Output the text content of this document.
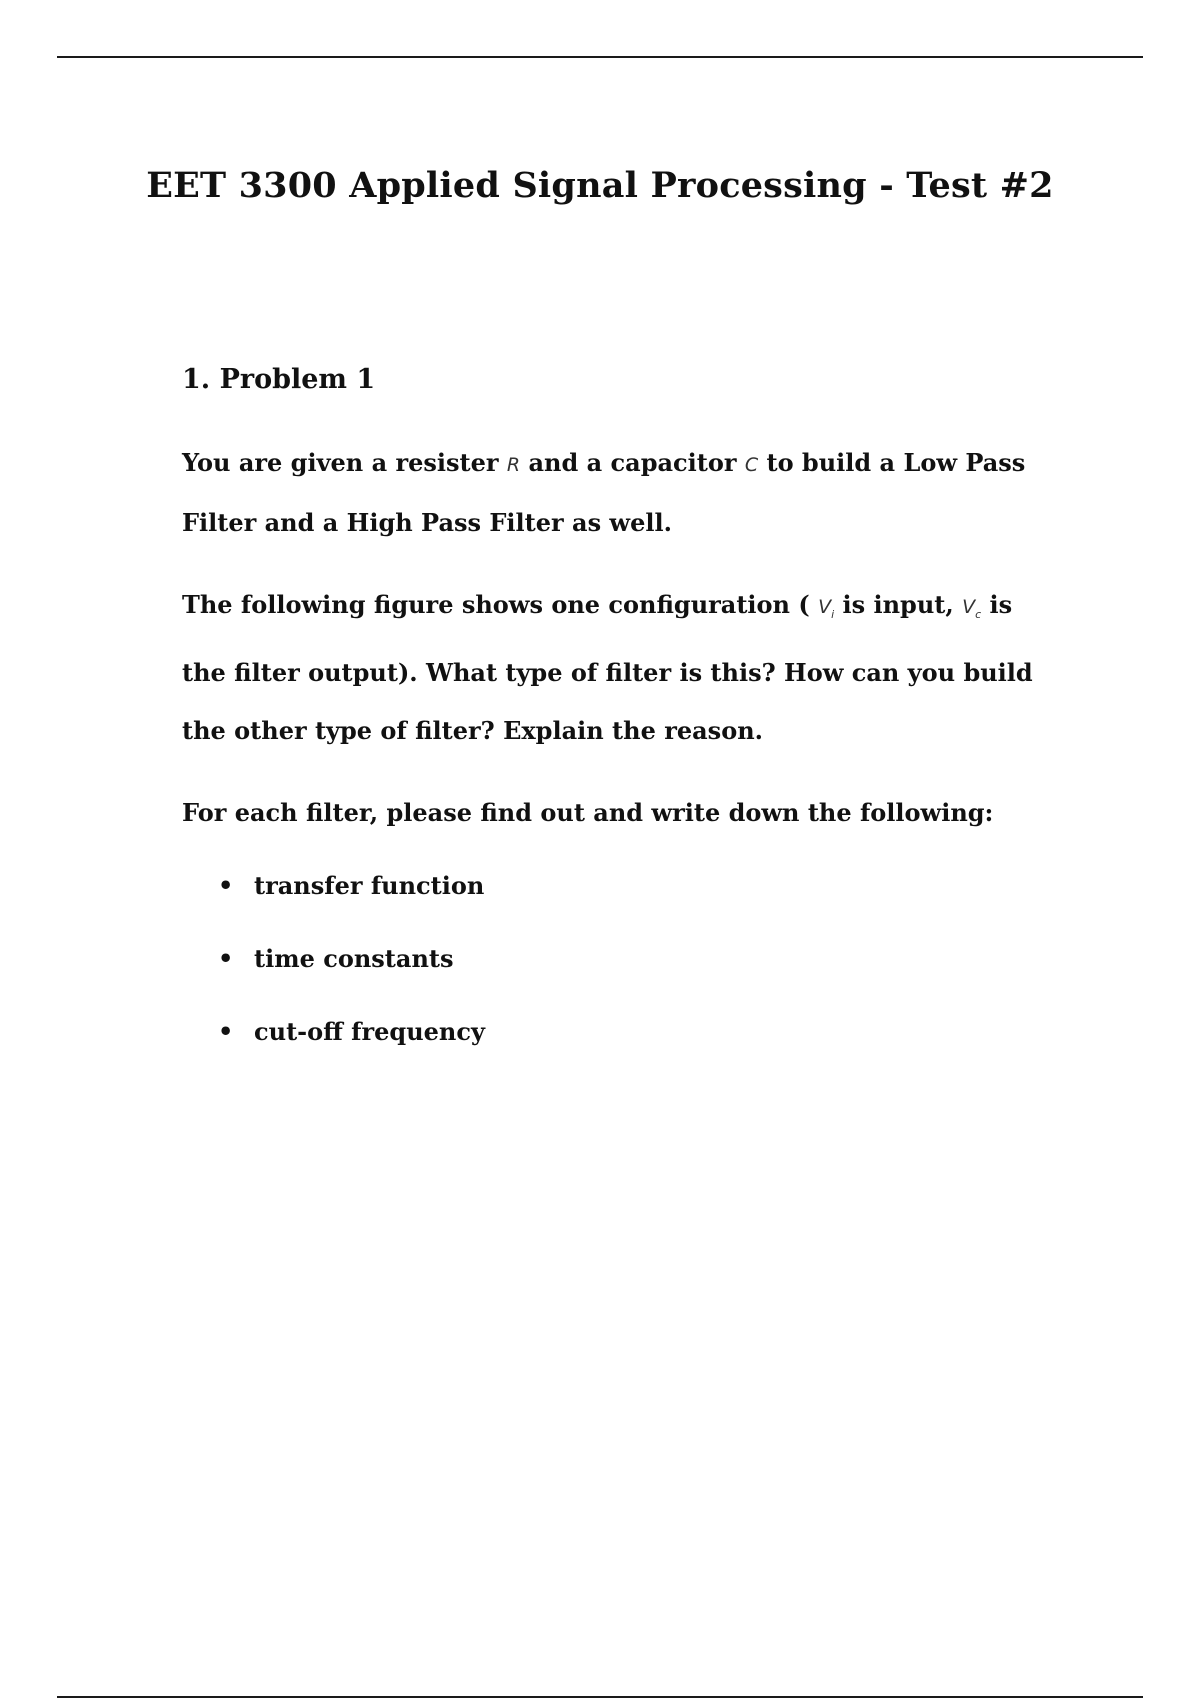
EET 3300 Applied Signal Processing - Test #2
1. Problem 1

You are given a resister R and a capacitor C to build a Low Pass Filter and a High Pass Filter as well.

The following figure shows one configuration ( $V_i$ is input, $V_c$ is the filter output). What type of filter is this? How can you build the other type of filter? Explain the reason.

For each filter, please find out and write down the following:

• transfer function
• time constants
• cut-off frequency
